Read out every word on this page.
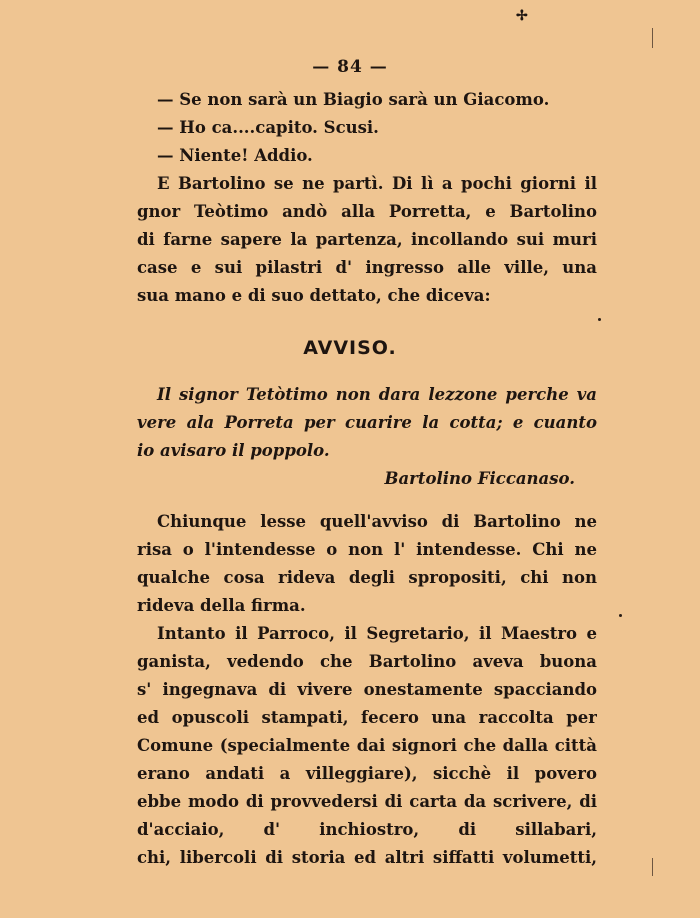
✢
— 84 —
— Se non sarà un Biagio sarà un Giacomo.
— Ho ca....capito. Scusi.
— Niente! Addio.
E Bartolino se ne partì. Di lì a pochi giorni il
gnor Teòtimo andò alla Porretta, e Bartolino
di farne sapere la partenza, incollando sui muri
case e sui pilastri d' ingresso alle ville, una
sua mano e di suo dettato, che diceva:
AVVISO.
Il signor Tetòtimo non dara lezzone perche va
vere ala Porreta per cuarire la cotta; e cuanto
io avisaro il poppolo.
Bartolino Ficcanaso.
Chiunque lesse quell'avviso di Bartolino ne
risa o l'intendesse o non l' intendesse. Chi ne
qualche cosa rideva degli spropositi, chi non
rideva della firma.
Intanto il Parroco, il Segretario, il Maestro e
ganista, vedendo che Bartolino aveva buona
s' ingegnava di vivere onestamente spacciando
ed opuscoli stampati, fecero una raccolta per
Comune (specialmente dai signori che dalla città
erano andati a villeggiare), sicchè il povero
ebbe modo di provvedersi di carta da scrivere, di
d'acciaio, d' inchiostro, di sillabari,
chi, libercoli di storia ed altri siffatti volumetti,
